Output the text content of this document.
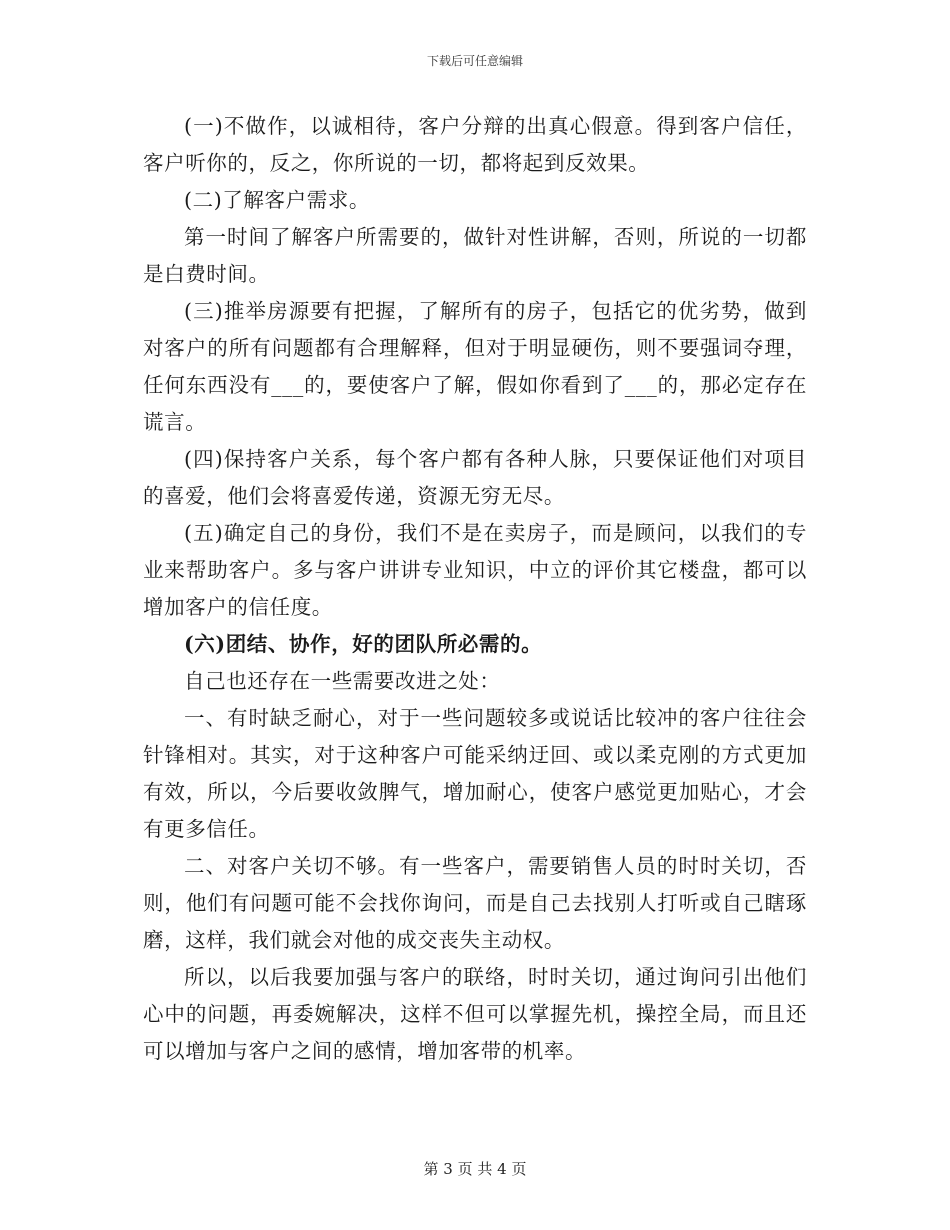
下载后可任意编辑

(一)不做作，以诚相待，客户分辩的出真心假意。得到客户信任，客户听你的，反之，你所说的一切，都将起到反效果。

(二)了解客户需求。

第一时间了解客户所需要的，做针对性讲解，否则，所说的一切都是白费时间。

(三)推举房源要有把握，了解所有的房子，包括它的优劣势，做到对客户的所有问题都有合理解释，但对于明显硬伤，则不要强词夺理，任何东西没有___的，要使客户了解，假如你看到了___的，那必定存在谎言。

(四)保持客户关系，每个客户都有各种人脉，只要保证他们对项目的喜爱，他们会将喜爱传递，资源无穷无尽。

(五)确定自己的身份，我们不是在卖房子，而是顾问，以我们的专业来帮助客户。多与客户讲讲专业知识，中立的评价其它楼盘，都可以增加客户的信任度。

(六)团结、协作，好的团队所必需的。

自己也还存在一些需要改进之处：

一、有时缺乏耐心，对于一些问题较多或说话比较冲的客户往往会针锋相对。其实，对于这种客户可能采纳迂回、或以柔克刚的方式更加有效，所以，今后要收敛脾气，增加耐心，使客户感觉更加贴心，才会有更多信任。

二、对客户关切不够。有一些客户，需要销售人员的时时关切，否则，他们有问题可能不会找你询问，而是自己去找别人打听或自己瞎琢磨，这样，我们就会对他的成交丧失主动权。

所以，以后我要加强与客户的联络，时时关切，通过询问引出他们心中的问题，再委婉解决，这样不但可以掌握先机，操控全局，而且还可以增加与客户之间的感情，增加客带的机率。

第 3 页 共 4 页
